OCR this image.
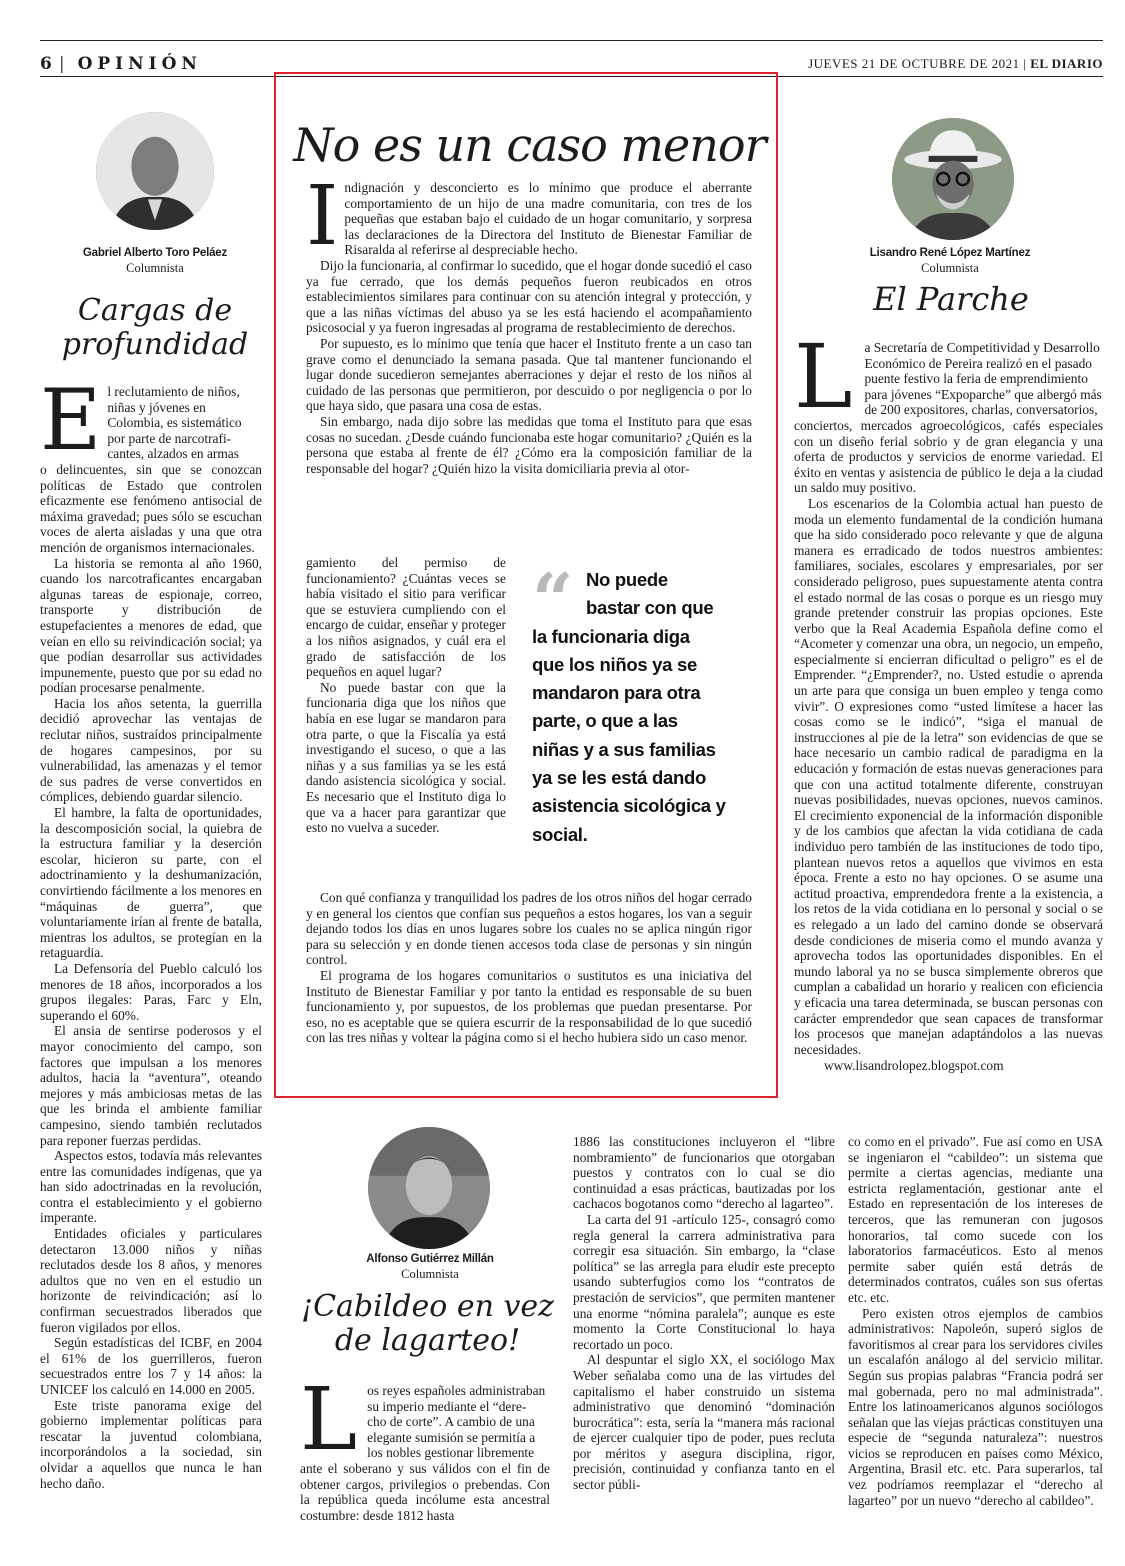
6 | OPINIÓN	JUEVES 21 DE OCTUBRE DE 2021 | EL DIARIO
Gabriel Alberto Toro Peláez
Columnista
Cargas de
profundidad
E l reclutamiento de niños,
niñas y jóvenes en
Colombia, es sistemático
por parte de narcotrafi-
cantes, alzados en armas

o delincuentes, sin que se conozcan políticas de Estado que controlen eficazmente ese fenómeno antisocial de máxima gravedad; pues sólo se escuchan voces de alerta aisladas y una que otra mención de organismos internacionales.

La historia se remonta al año 1960, cuando los narcotraficantes encargaban algunas tareas de espionaje, correo, transporte y distribución de estupefacientes a menores de edad, que veían en ello su reivindicación social; ya que podían desarrollar sus actividades impunemente, puesto que por su edad no podían procesarse penalmente.

Hacia los años setenta, la guerrilla decidió aprovechar las ventajas de reclutar niños, sustraídos principalmente de hogares campesinos, por su vulnerabilidad, las amenazas y el temor de sus padres de verse convertidos en cómplices, debiendo guardar silencio.

El hambre, la falta de oportunidades, la descomposición social, la quiebra de la estructura familiar y la deserción escolar, hicieron su parte, con el adoctrinamiento y la deshumanización, convirtiendo fácilmente a los menores en “máquinas de guerra”, que voluntariamente irían al frente de batalla, mientras los adultos, se protegían en la retaguardia.

La Defensoría del Pueblo calculó los menores de 18 años, incorporados a los grupos ilegales: Paras, Farc y Eln, superando el 60%.

El ansia de sentirse poderosos y el mayor conocimiento del campo, son factores que impulsan a los menores adultos, hacia la “aventura”, oteando mejores y más ambiciosas metas de las que les brinda el ambiente familiar campesino, siendo también reclutados para reponer fuerzas perdidas.

Aspectos estos, todavía más relevantes entre las comunidades indígenas, que ya han sido adoctrinadas en la revolución, contra el establecimiento y el gobierno imperante.

Entidades oficiales y particulares detectaron 13.000 niños y niñas reclutados desde los 8 años, y menores adultos que no ven en el estudio un horizonte de reivindicación; así lo confirman secuestrados liberados que fueron vigilados por ellos.

Según estadísticas del ICBF, en 2004 el 61% de los guerrilleros, fueron secuestrados entre los 7 y 14 años: la UNICEF los calculó en 14.000 en 2005.

Este triste panorama exige del gobierno implementar políticas para rescatar la juventud colombiana, incorporándolos a la sociedad, sin olvidar a aquellos que nunca le han hecho daño.

No es un caso menor
I ndignación y desconcierto es lo mínimo que produce el aberrante comportamiento de un hijo de una madre comunitaria, con tres de los pequeñas que estaban bajo el cuidado de un hogar comunitario, y sorpresa las declaraciones de la Directora del Instituto de Bienestar Familiar de Risaralda al referirse al despreciable hecho.

Dijo la funcionaria, al confirmar lo sucedido, que el hogar donde sucedió el caso ya fue cerrado, que los demás pequeños fueron reubicados en otros establecimientos similares para continuar con su atención integral y protección, y que a las niñas víctimas del abuso ya se les está haciendo el acompañamiento psicosocial y ya fueron ingresadas al programa de restablecimiento de derechos.

Por supuesto, es lo mínimo que tenía que hacer el Instituto frente a un caso tan grave como el denunciado la semana pasada. Que tal mantener funcionando el lugar donde sucedieron semejantes aberraciones y dejar el resto de los niños al cuidado de las personas que permitieron, por descuido o por negligencia o por lo que haya sido, que pasara una cosa de estas.

Sin embargo, nada dijo sobre las medidas que toma el Instituto para que esas cosas no sucedan. ¿Desde cuándo funcionaba este hogar comunitario? ¿Quién es la persona que estaba al frente de él? ¿Cómo era la composición familiar de la responsable del hogar? ¿Quién hizo la visita domiciliaria previa al otor-

gamiento del permiso de funcionamiento? ¿Cuántas veces se había visitado el sitio para verificar que se estuviera cumpliendo con el encargo de cuidar, enseñar y proteger a los niños asignados, y cuál era el grado de satisfacción de los pequeños en aquel lugar?

No puede bastar con que la funcionaria diga que los niños que había en ese lugar se mandaron para otra parte, o que la Fiscalía ya está investigando el suceso, o que a las niñas y a sus familias ya se les está dando asistencia sicológica y social. Es necesario que el Instituto diga lo que va a hacer para garantizar que esto no vuelva a suceder.

“ No puede
bastar con que
la funcionaria diga
que los niños ya se
mandaron para otra
parte, o que a las
niñas y a sus familias
ya se les está dando
asistencia sicológica y
social.

Con qué confianza y tranquilidad los padres de los otros niños del hogar cerrado y en general los cientos que confían sus pequeños a estos hogares, los van a seguir dejando todos los días en unos lugares sobre los cuales no se aplica ningún rigor para su selección y en donde tienen accesos toda clase de personas y sin ningún control.

El programa de los hogares comunitarios o sustitutos es una iniciativa del Instituto de Bienestar Familiar y por tanto la entidad es responsable de su buen funcionamiento y, por supuestos, de los problemas que puedan presentarse. Por eso, no es aceptable que se quiera escurrir de la responsabilidad de lo que sucedió con las tres niñas y voltear la página como si el hecho hubiera sido un caso menor.

Lisandro René López Martínez
Columnista
El Parche
L a Secretaría de Competitividad y Desarrollo
Económico de Pereira realizó en el pasado
puente festivo la feria de emprendimiento
para jóvenes “Expoparche” que albergó más
de 200 expositores, charlas, conversatorios,

conciertos, mercados agroecológicos, cafés especiales con un diseño ferial sobrio y de gran elegancia y una oferta de productos y servicios de enorme variedad. El éxito en ventas y asistencia de público le deja a la ciudad un saldo muy positivo.

Los escenarios de la Colombia actual han puesto de moda un elemento fundamental de la condición humana que ha sido considerado poco relevante y que de alguna manera es erradicado de todos nuestros ambientes: familiares, sociales, escolares y empresariales, por ser considerado peligroso, pues supuestamente atenta contra el estado normal de las cosas o porque es un riesgo muy grande pretender construir las propias opciones. Este verbo que la Real Academia Española define como el “Acometer y comenzar una obra, un negocio, un empeño, especialmente si encierran dificultad o peligro” es el de Emprender. “¿Emprender?, no. Usted estudie o aprenda un arte para que consiga un buen empleo y tenga como vivir”. O expresiones como “usted limítese a hacer las cosas como se le indicó”, “siga el manual de instrucciones al pie de la letra” son evidencias de que se hace necesario un cambio radical de paradigma en la educación y formación de estas nuevas generaciones para que con una actitud totalmente diferente, construyan nuevas posibilidades, nuevas opciones, nuevos caminos. El crecimiento exponencial de la información disponible y de los cambios que afectan la vida cotidiana de cada individuo pero también de las instituciones de todo tipo, plantean nuevos retos a aquellos que vivimos en esta época. Frente a esto no hay opciones. O se asume una actitud proactiva, emprendedora frente a la existencia, a los retos de la vida cotidiana en lo personal y social o se es relegado a un lado del camino donde se observará desde condiciones de miseria como el mundo avanza y aprovecha todos las oportunidades disponibles. En el mundo laboral ya no se busca simplemente obreros que cumplan a cabalidad un horario y realicen con eficiencia y eficacia una tarea determinada, se buscan personas con carácter emprendedor que sean capaces de transformar los procesos que manejan adaptándolos a las nuevas necesidades.

www.lisandrolopez.blogspot.com
Alfonso Gutiérrez Millán
Columnista
¡Cabildeo en vez
de lagarteo!
L os reyes españoles administraban
su imperio mediante el “dere-
cho de corte”. A cambio de una
elegante sumisión se permitía a
los nobles gestionar libremente

ante el soberano y sus válidos con el fin de obtener cargos, privilegios o prebendas. Con la república queda incólume esta ancestral costumbre: desde 1812 hasta

1886 las constituciones incluyeron el “libre nombramiento” de funcionarios que otorgaban puestos y contratos con lo cual se dio continuidad a esas prácticas, bautizadas por los cachacos bogotanos como “derecho al lagarteo”.

La carta del 91 -artículo 125-, consagró como regla general la carrera administrativa para corregir esa situación. Sin embargo, la “clase política” se las arregla para eludir este precepto usando subterfugios como los “contratos de prestación de servicios”, que permiten mantener una enorme “nómina paralela”; aunque es este momento la Corte Constitucional lo haya recortado un poco.

Al despuntar el siglo XX, el sociólogo Max Weber señalaba como una de las virtudes del capitalismo el haber construido un sistema administrativo que denominó “dominación burocrática”: esta, sería la “manera más racional de ejercer cualquier tipo de poder, pues recluta por méritos y asegura disciplina, rigor, precisión, continuidad y confianza tanto en el sector públi-

co como en el privado”. Fue así como en USA se ingeniaron el “cabildeo”: un sistema que permite a ciertas agencias, mediante una estricta reglamentación, gestionar ante el Estado en representación de los intereses de terceros, que las remuneran con jugosos honorarios, tal como sucede con los laboratorios farmacéuticos. Esto al menos permite saber quién está detrás de determinados contratos, cuáles son sus ofertas etc. etc.

Pero existen otros ejemplos de cambios administrativos: Napoleón, superó siglos de favoritismos al crear para los servidores civiles un escalafón análogo al del servicio militar. Según sus propias palabras “Francia podrá ser mal gobernada, pero no mal administrada”. Entre los latinoamericanos algunos sociólogos señalan que las viejas prácticas constituyen una especie de “segunda naturaleza”: nuestros vicios se reproducen en países como México, Argentina, Brasil etc. etc. Para superarlos, tal vez podríamos reemplazar el “derecho al lagarteo” por un nuevo “derecho al cabildeo”.
